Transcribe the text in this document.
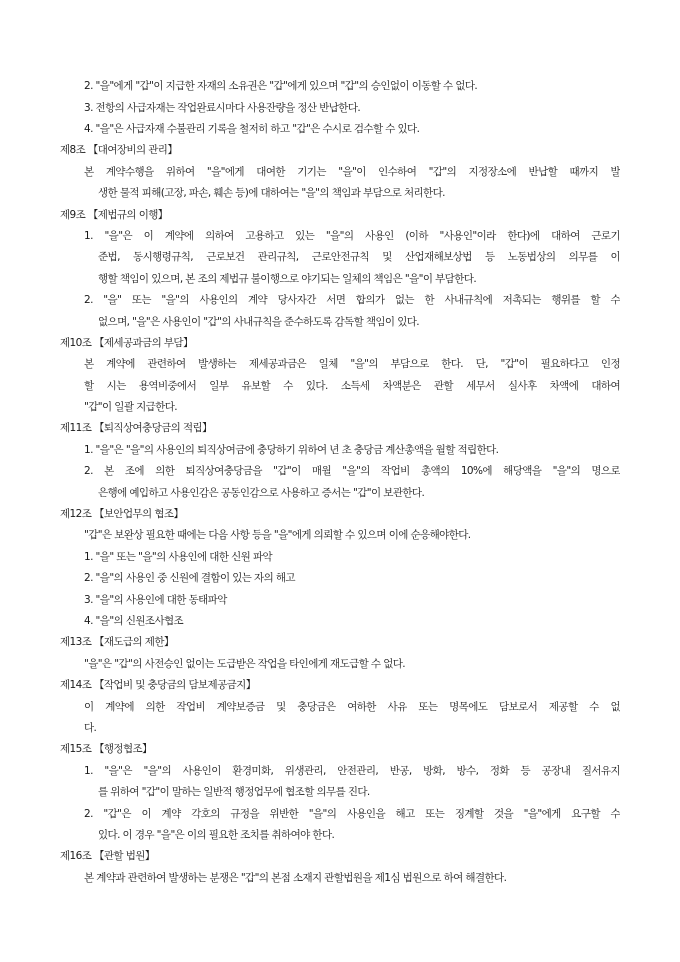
2. "을"에게 "갑"이 지급한 자재의 소유권은 "갑"에게 있으며 "갑"의 승인없이 이동할 수 없다.
3. 전항의 사급자재는 작업완료시마다 사용잔량을 정산 반납한다.
4. "을"은 사급자재 수불관리 기록을 철저히 하고 "갑"은 수시로 검수할 수 있다.
제8조 【대여장비의 관리】
본 계약수행을 위하여 "을"에게 대여한 기기는 "을"이 인수하여 "갑"의 지정장소에 반납할 때까지 발
생한 물적 피해(고장, 파손, 훼손 등)에 대하여는 "을"의 책임과 부담으로 처리한다.
제9조 【제법규의 이행】
1. "을"은 이 계약에 의하여 고용하고 있는 "을"의 사용인 (이하 "사용인"이라 한다)에 대하여 근로기
준법, 동시행령규칙, 근로보건 관리규칙, 근로안전규칙 및 산업재해보상법 등 노동법상의 의무를 이
행할 책임이 있으며, 본 조의 제법규 불이행으로 야기되는 일체의 책임은 "을"이 부담한다.
2. "을" 또는 "을"의 사용인의 계약 당사자간 서면 합의가 없는 한 사내규칙에 저촉되는 행위를 할 수
없으며, "을"은 사용인이 "갑"의 사내규칙을 준수하도록 감독할 책임이 있다.
제10조 【제세공과금의 부담】
본 계약에 관련하여 발생하는 제세공과금은 일체 "을"의 부담으로 한다. 단, "갑"이 필요하다고 인정
할 시는 용역비중에서 일부 유보할 수 있다. 소득세 차액분은 관할 세무서 실사후 차액에 대하여
"갑"이 일괄 지급한다.
제11조 【퇴직상여충당금의 적립】
1. "을"은 "을"의 사용인의 퇴직상여금에 충당하기 위하여 년 초 충당금 계산총액을 월할 적립한다.
2. 본 조에 의한 퇴직상여충당금을 "갑"이 매월 "을"의 작업비 총액의 10%에 해당액을 "을"의 명으로
은행에 예입하고 사용인감은 공동인감으로 사용하고 증서는 "갑"이 보관한다.
제12조 【보안업무의 협조】
"갑"은 보완상 필요한 때에는 다음 사항 등을 "을"에게 의뢰할 수 있으며 이에 순응해야한다.
1. "을" 또는 "을"의 사용인에 대한 신원 파악
2. "을"의 사용인 중 신원에 결함이 있는 자의 해고
3. "을"의 사용인에 대한 동태파악
4. "을"의 신원조사협조
제13조 【재도급의 제한】
"을"은 "갑"의 사전승인 없이는 도급받은 작업을 타인에게 재도급할 수 없다.
제14조 【작업비 및 충당금의 담보제공금지】
이 계약에 의한 작업비 계약보증금 및 충당금은 여하한 사유 또는 명목에도 담보로서 제공할 수 없
다.
제15조 【행정협조】
1. "을"은 "을"의 사용인이 환경미화, 위생관리, 안전관리, 반공, 방화, 방수, 정화 등 공장내 질서유지
를 위하여 "갑"이 말하는 일반적 행정업무에 협조할 의무를 진다.
2. "갑"은 이 계약 각호의 규정을 위반한 "을"의 사용인을 해고 또는 징계할 것을 "을"에게 요구할 수
있다. 이 경우 "을"은 이의 필요한 조치를 취하여야 한다.
제16조 【관할 법원】
본 계약과 관련하여 발생하는 분쟁은 "갑"의 본점 소재지 관할법원을 제1심 법원으로 하여 해결한다.
